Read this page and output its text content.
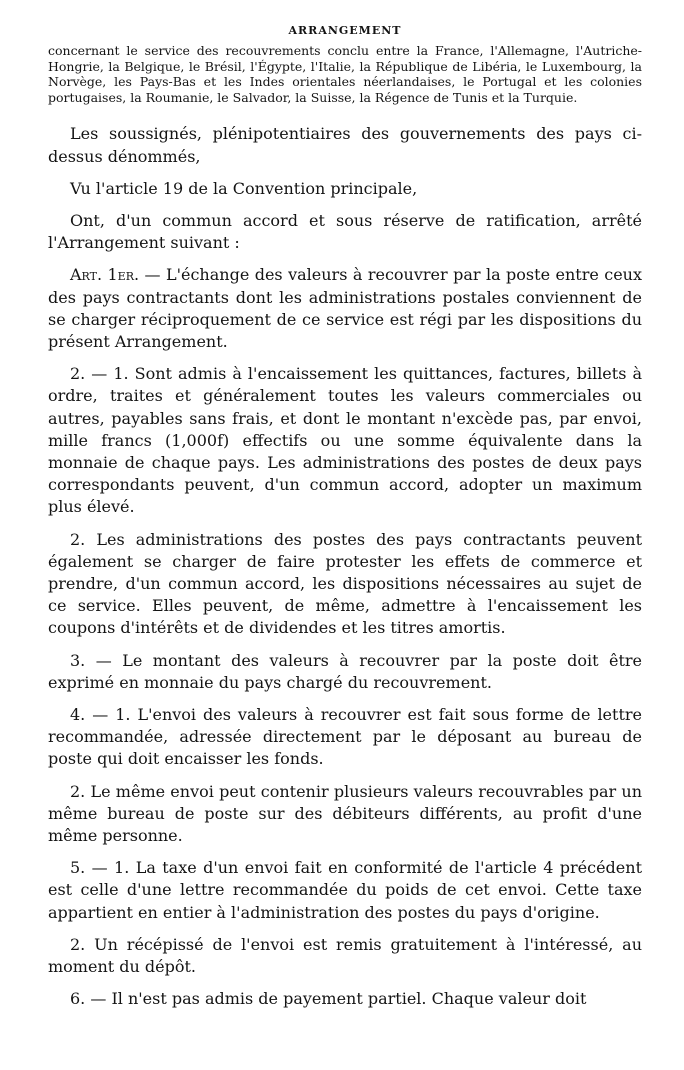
ARRANGEMENT

concernant le service des recouvrements conclu entre la France, l'Allemagne, l'Autriche-Hongrie, la Belgique, le Brésil, l'Égypte, l'Italie, la République de Libéria, le Luxembourg, la Norvège, les Pays-Bas et les Indes orientales néerlandaises, le Portugal et les colonies portugaises, la Roumanie, le Salvador, la Suisse, la Régence de Tunis et la Turquie.

Les soussignés, plénipotentiaires des gouvernements des pays ci-dessus dénommés,

Vu l'article 19 de la Convention principale,

Ont, d'un commun accord et sous réserve de ratification, arrêté l'Arrangement suivant :

Art. 1er. — L'échange des valeurs à recouvrer par la poste entre ceux des pays contractants dont les administrations postales conviennent de se charger réciproquement de ce service est régi par les dispositions du présent Arrangement.

2. — 1. Sont admis à l'encaissement les quittances, factures, billets à ordre, traites et généralement toutes les valeurs commerciales ou autres, payables sans frais, et dont le montant n'excède pas, par envoi, mille francs (1,000f) effectifs ou une somme équivalente dans la monnaie de chaque pays. Les administrations des postes de deux pays correspondants peuvent, d'un commun accord, adopter un maximum plus élevé.

2. Les administrations des postes des pays contractants peuvent également se charger de faire protester les effets de commerce et prendre, d'un commun accord, les dispositions nécessaires au sujet de ce service. Elles peuvent, de même, admettre à l'encaissement les coupons d'intérêts et de dividendes et les titres amortis.

3. — Le montant des valeurs à recouvrer par la poste doit être exprimé en monnaie du pays chargé du recouvrement.

4. — 1. L'envoi des valeurs à recouvrer est fait sous forme de lettre recommandée, adressée directement par le déposant au bureau de poste qui doit encaisser les fonds.

2. Le même envoi peut contenir plusieurs valeurs recouvrables par un même bureau de poste sur des débiteurs différents, au profit d'une même personne.

5. — 1. La taxe d'un envoi fait en conformité de l'article 4 précédent est celle d'une lettre recommandée du poids de cet envoi. Cette taxe appartient en entier à l'administration des postes du pays d'origine.

2. Un récépissé de l'envoi est remis gratuitement à l'intéressé, au moment du dépôt.

6. — Il n'est pas admis de payement partiel. Chaque valeur doit
